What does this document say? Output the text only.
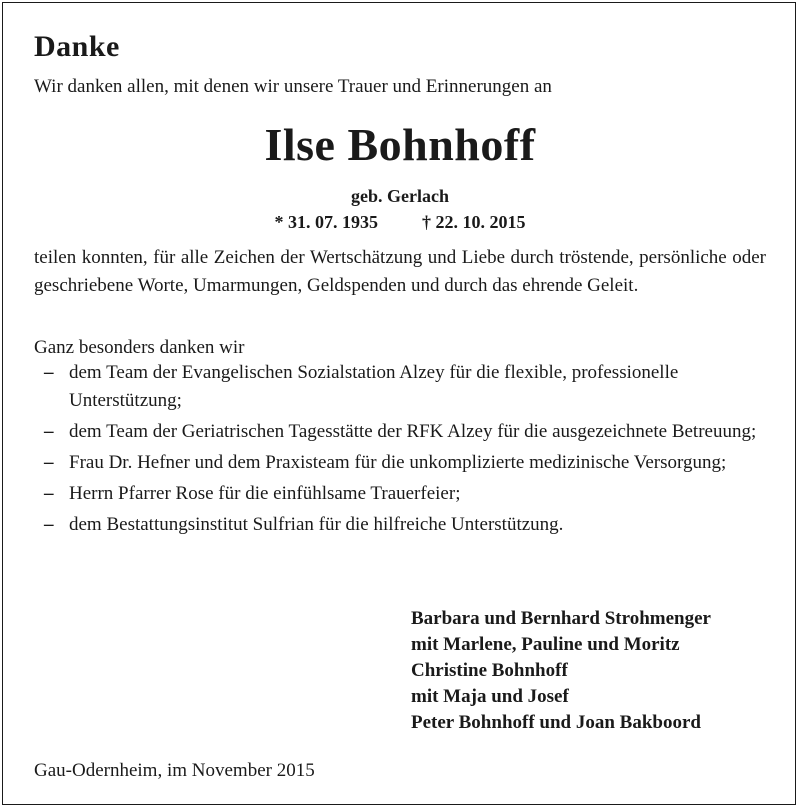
Danke

Wir danken allen, mit denen wir unsere Trauer und Erinnerungen an

Ilse Bohnhoff

geb. Gerlach

* 31. 07. 1935 † 22. 10. 2015

teilen konnten, für alle Zeichen der Wertschätzung und Liebe durch tröstende, persönliche oder geschriebene Worte, Umarmungen, Geldspenden und durch das ehrende Geleit.

Ganz besonders danken wir

– dem Team der Evangelischen Sozialstation Alzey für die flexible, professionelle Unterstützung;
– dem Team der Geriatrischen Tagesstätte der RFK Alzey für die ausgezeichnete Betreuung;
– Frau Dr. Hefner und dem Praxisteam für die unkomplizierte medizinische Versorgung;
– Herrn Pfarrer Rose für die einfühlsame Trauerfeier;
– dem Bestattungsinstitut Sulfrian für die hilfreiche Unterstützung.
Barbara und Bernhard Strohmenger
mit Marlene, Pauline und Moritz
Christine Bohnhoff
mit Maja und Josef
Peter Bohnhoff und Joan Bakboord

Gau-Odernheim, im November 2015
